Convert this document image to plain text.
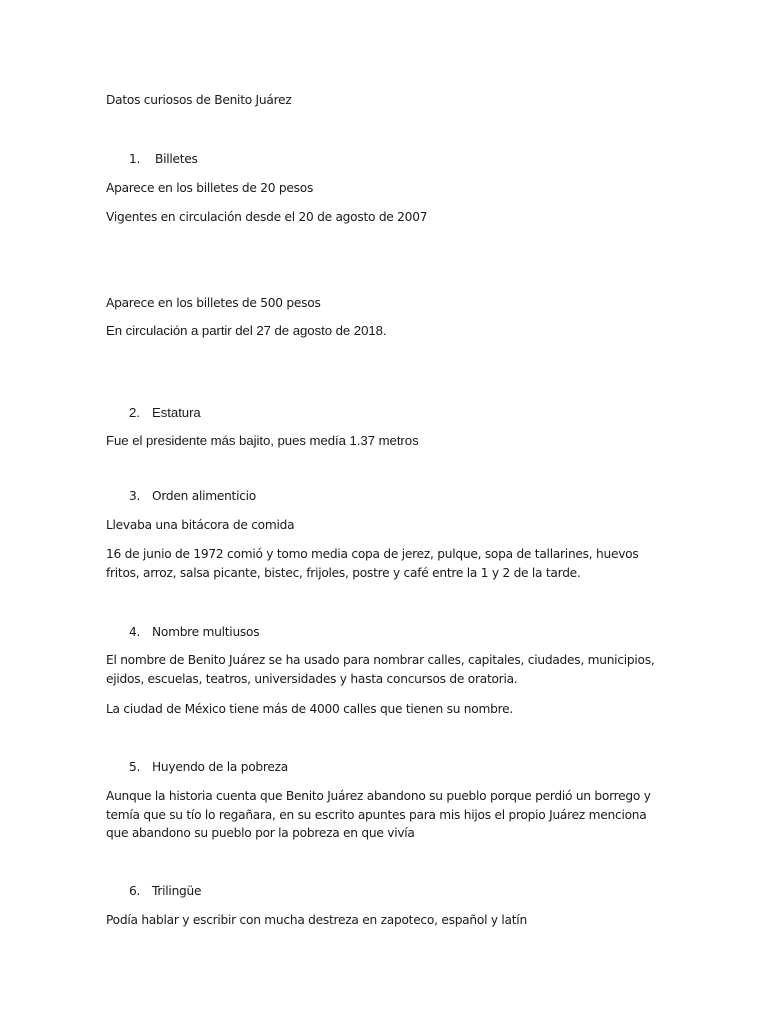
Datos curiosos de Benito Juárez

1. Billetes

Aparece en los billetes de 20 pesos

Vigentes en circulación desde el 20 de agosto de 2007

Aparece en los billetes de 500 pesos

En circulación a partir del 27 de agosto de 2018.

2. Estatura

Fue el presidente más bajito, pues medía 1.37 metros

3. Orden alimenticio

Llevaba una bitácora de comida

16 de junio de 1972 comió y tomo media copa de jerez, pulque, sopa de tallarines, huevos fritos, arroz, salsa picante, bistec, frijoles, postre y café entre la 1 y 2 de la tarde.

4. Nombre multiusos

El nombre de Benito Juárez se ha usado para nombrar calles, capitales, ciudades, municipios, ejidos, escuelas, teatros, universidades y hasta concursos de oratoria.

La ciudad de México tiene más de 4000 calles que tienen su nombre.

5. Huyendo de la pobreza

Aunque la historia cuenta que Benito Juárez abandono su pueblo porque perdió un borrego y temía que su tío lo regañara, en su escrito apuntes para mis hijos el propio Juárez menciona que abandono su pueblo por la pobreza en que vivía

6. Trilingüe

Podía hablar y escribir con mucha destreza en zapoteco, español y latín
